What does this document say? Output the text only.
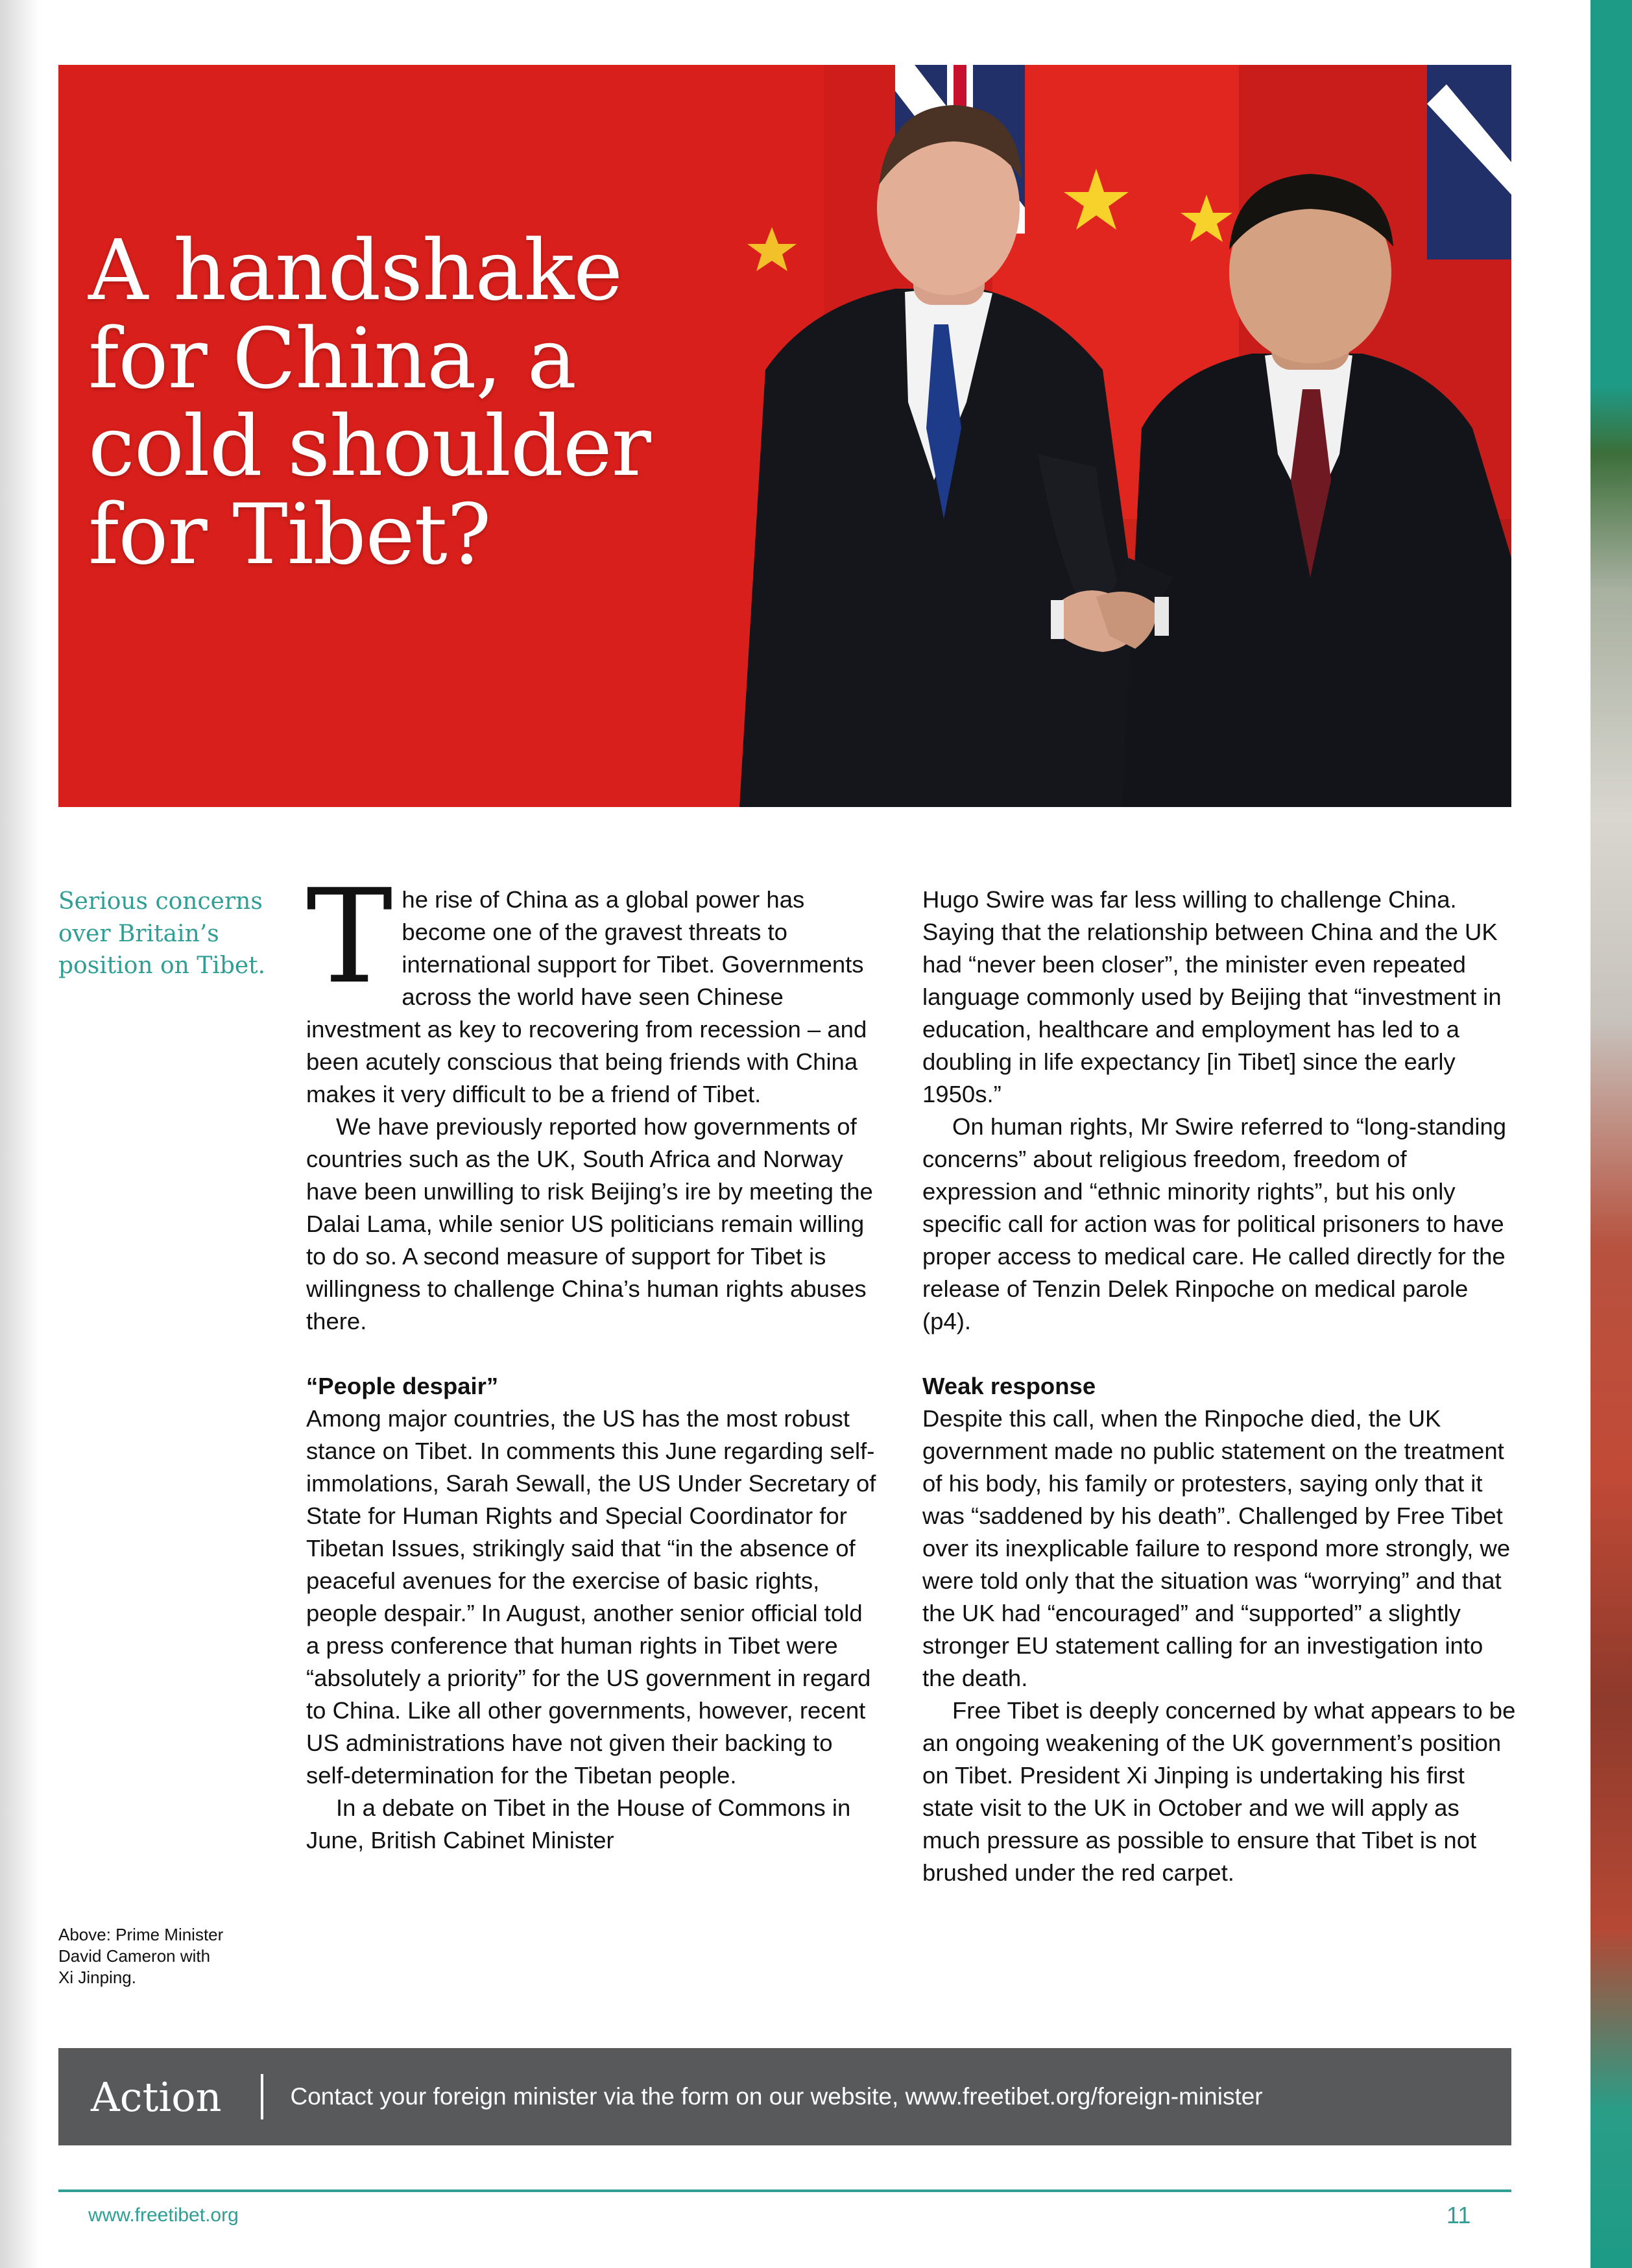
A handshake
for China, a
cold shoulder
for Tibet?

Serious concerns
over Britain’s
position on Tibet. The rise of China as a global power has become one of the gravest threats to international support for Tibet. Governments across the world have seen Chinese investment as key to recovering from recession – and been acutely conscious that being friends with China makes it very difficult to be a friend of Tibet.

We have previously reported how governments of countries such as the UK, South Africa and Norway have been unwilling to risk Beijing’s ire by meeting the Dalai Lama, while senior US politicians remain willing to do so. A second measure of support for Tibet is willingness to challenge China’s human rights abuses there.

“People despair”

Among major countries, the US has the most robust stance on Tibet. In comments this June regarding self-immolations, Sarah Sewall, the US Under Secretary of State for Human Rights and Special Coordinator for Tibetan Issues, strikingly said that “in the absence of peaceful avenues for the exercise of basic rights, people despair.” In August, another senior official told a press conference that human rights in Tibet were “absolutely a priority” for the US government in regard to China. Like all other governments, however, recent US administrations have not given their backing to self-determination for the Tibetan people.

In a debate on Tibet in the House of Commons in June, British Cabinet Minister

Hugo Swire was far less willing to challenge China. Saying that the relationship between China and the UK had “never been closer”, the minister even repeated language commonly used by Beijing that “investment in education, healthcare and employment has led to a doubling in life expectancy [in Tibet] since the early 1950s.”

On human rights, Mr Swire referred to “long-standing concerns” about religious freedom, freedom of expression and “ethnic minority rights”, but his only specific call for action was for political prisoners to have proper access to medical care. He called directly for the release of Tenzin Delek Rinpoche on medical parole (p4).

Weak response

Despite this call, when the Rinpoche died, the UK government made no public statement on the treatment of his body, his family or protesters, saying only that it was “saddened by his death”. Challenged by Free Tibet over its inexplicable failure to respond more strongly, we were told only that the situation was “worrying” and that the UK had “encouraged” and “supported” a slightly stronger EU statement calling for an investigation into the death.

Free Tibet is deeply concerned by what appears to be an ongoing weakening of the UK government’s position on Tibet. President Xi Jinping is undertaking his first state visit to the UK in October and we will apply as much pressure as possible to ensure that Tibet is not brushed under the red carpet.

Above: Prime Minister
David Cameron with
Xi Jinping.
Action	Contact your foreign minister via the form on our website, www.freetibet.org/foreign-minister
www.freetibet.org	11
